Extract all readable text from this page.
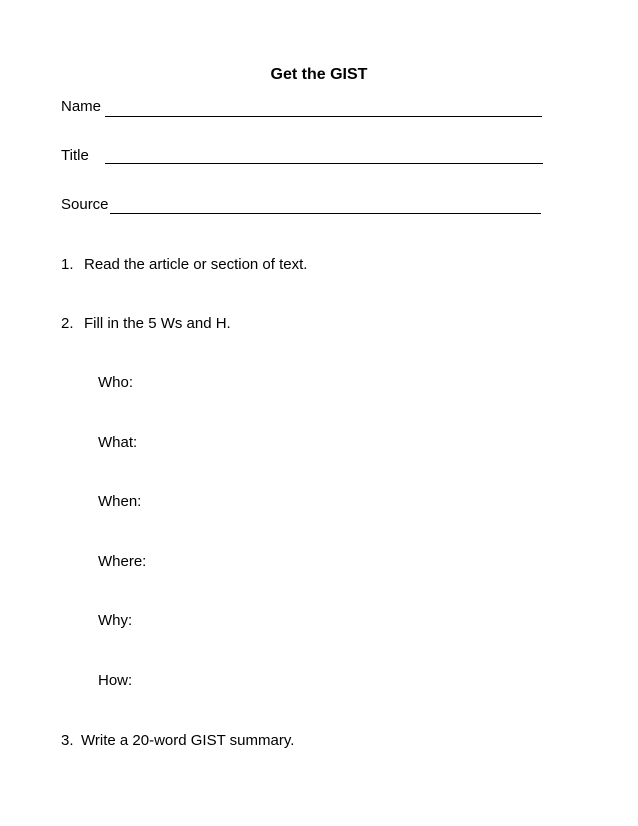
Get the GIST
Name
Title
Source
1. Read the article or section of text.
2. Fill in the 5 Ws and H.
Who:
What:
When:
Where:
Why:
How:
3. Write a 20-word GIST summary.
